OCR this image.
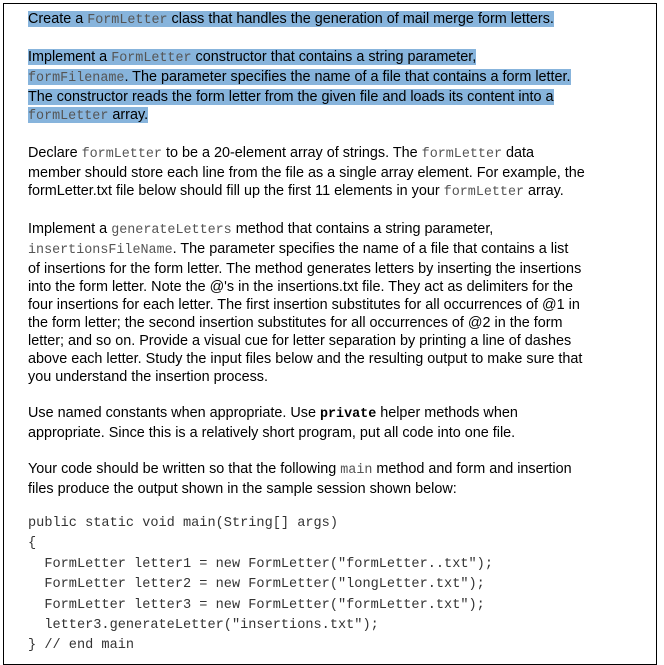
Create a FormLetter class that handles the generation of mail merge form letters.
Implement a FormLetter constructor that contains a string parameter,
formFilename. The parameter specifies the name of a file that contains a form letter.
The constructor reads the form letter from the given file and loads its content into a
formLetter array.
Declare formLetter to be a 20-element array of strings. The formLetter data
member should store each line from the file as a single array element. For example, the
formLetter.txt file below should fill up the first 11 elements in your formLetter array.
Implement a generateLetters method that contains a string parameter,
insertionsFileName. The parameter specifies the name of a file that contains a list
of insertions for the form letter. The method generates letters by inserting the insertions
into the form letter. Note the @'s in the insertions.txt file. They act as delimiters for the
four insertions for each letter. The first insertion substitutes for all occurrences of @1 in
the form letter; the second insertion substitutes for all occurrences of @2 in the form
letter; and so on. Provide a visual cue for letter separation by printing a line of dashes
above each letter. Study the input files below and the resulting output to make sure that
you understand the insertion process.
Use named constants when appropriate. Use private helper methods when
appropriate. Since this is a relatively short program, put all code into one file.
Your code should be written so that the following main method and form and insertion
files produce the output shown in the sample session shown below:
public static void main(String[] args)
{
FormLetter letter1 = new FormLetter("formLetter..txt");
FormLetter letter2 = new FormLetter("longLetter.txt");
FormLetter letter3 = new FormLetter("formLetter.txt");
letter3.generateLetter("insertions.txt");
} // end main
